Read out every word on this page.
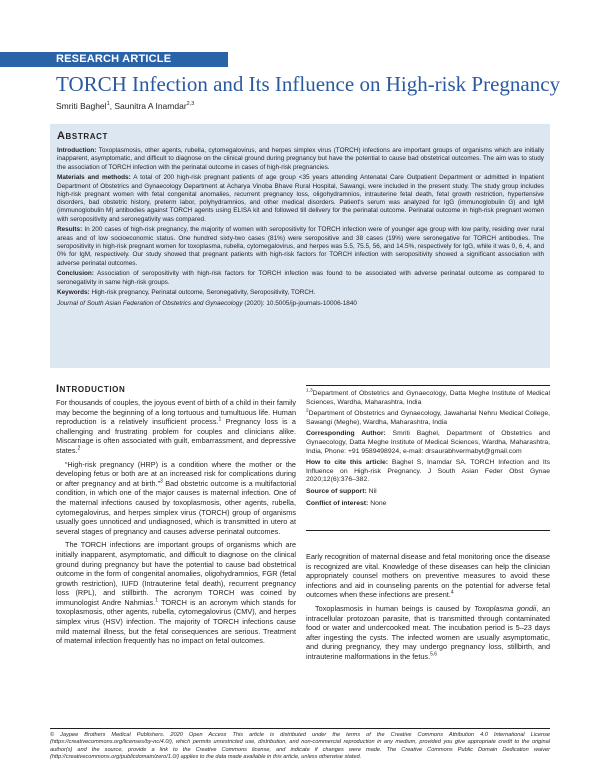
RESEARCH ARTICLE
TORCH Infection and Its Influence on High-risk Pregnancy
Smriti Baghel$^1$, Saunitra A Inamdar$^{2,3}$
Abstract

Introduction: Toxoplasmosis, other agents, rubella, cytomegalovirus, and herpes simplex virus (TORCH) infections are important groups of organisms which are initially inapparent, asymptomatic, and difficult to diagnose on the clinical ground during pregnancy but have the potential to cause bad obstetrical outcomes. The aim was to study the association of TORCH infection with the perinatal outcome in cases of high-risk pregnancies.

Materials and methods: A total of 200 high-risk pregnant patients of age group <35 years attending Antenatal Care Outpatient Department or admitted in Inpatient Department of Obstetrics and Gynaecology Department at Acharya Vinoba Bhave Rural Hospital, Sawangi, were included in the present study. The study group includes high-risk pregnant women with fetal congenital anomalies, recurrent pregnancy loss, oligohydramnios, intrauterine fetal death, fetal growth restriction, hypertensive disorders, bad obstetric history, preterm labor, polyhydramnios, and other medical disorders. Patient's serum was analyzed for IgG (immunoglobulin G) and IgM (immunoglobulin M) antibodies against TORCH agents using ELISA kit and followed till delivery for the perinatal outcome. Perinatal outcome in high-risk pregnant women with seropositivity and seronegativity was compared.

Results: In 200 cases of high-risk pregnancy, the majority of women with seropositivity for TORCH infection were of younger age group with low parity, residing over rural areas and of low socioeconomic status. One hundred sixty-two cases (81%) were seropositive and 38 cases (19%) were seronegative for TORCH antibodies. The seropositivity in high-risk pregnant women for toxoplasma, rubella, cytomegalovirus, and herpes was 5.5, 75.5, 56, and 14.5%, respectively for IgG, while it was 0, 6, 4, and 0% for IgM, respectively. Our study showed that pregnant patients with high-risk factors for TORCH infection with seropositivity showed a significant association with adverse perinatal outcomes.

Conclusion: Association of seropositivity with high-risk factors for TORCH infection was found to be associated with adverse perinatal outcome as compared to seronegativity in same high-risk groups.

Keywords: High-risk pregnancy, Perinatal outcome, Seronegativity, Seropositivity, TORCH.

Journal of South Asian Federation of Obstetrics and Gynaecology (2020): 10.5005/jp-journals-10006-1840

Introduction

For thousands of couples, the joyous event of birth of a child in their family may become the beginning of a long tortuous and tumultuous life. Human reproduction is a relatively insufficient process.$^1$ Pregnancy loss is a challenging and frustrating problem for couples and clinicians alike. Miscarriage is often associated with guilt, embarrassment, and depressive states.$^2$

“High-risk pregnancy (HRP) is a condition where the mother or the developing fetus or both are at an increased risk for complications during or after pregnancy and at birth.”$^3$ Bad obstetric outcome is a multifactorial condition, in which one of the major causes is maternal infection. One of the maternal infections caused by toxoplasmosis, other agents, rubella, cytomegalovirus, and herpes simplex virus (TORCH) group of organisms usually goes unnoticed and undiagnosed, which is transmitted in utero at several stages of pregnancy and causes adverse perinatal outcomes.

The TORCH infections are important groups of organisms which are initially inapparent, asymptomatic, and difficult to diagnose on the clinical ground during pregnancy but have the potential to cause bad obstetrical outcome in the form of congenital anomalies, oligohydramnios, FGR (fetal growth restriction), IUFD (Intrauterine fetal death), recurrent pregnancy loss (RPL), and stillbirth. The acronym TORCH was coined by immunologist Andre Nahmias.$^1$ TORCH is an acronym which stands for toxoplasmosis, other agents, rubella, cytomegalovirus (CMV), and herpes simplex virus (HSV) infection. The majority of TORCH infections cause mild maternal illness, but the fetal consequences are serious. Treatment of maternal infection frequently has no impact on fetal outcomes.

$^{1,3}$Department of Obstetrics and Gynaecology, Datta Meghe Institute of Medical Sciences, Wardha, Maharashtra, India

$^2$Department of Obstetrics and Gynaecology, Jawaharlal Nehru Medical College, Sawangi (Meghe), Wardha, Maharashtra, India

Corresponding Author: Smriti Baghel, Department of Obstetrics and Gynaecology, Datta Meghe Institute of Medical Sciences, Wardha, Maharashtra, India, Phone: +91 9589498924, e-mail: drsaurabhvermabyt@gmail.com

How to cite this article: Baghel S, Inamdar SA. TORCH Infection and Its Influence on High-risk Pregnancy. J South Asian Feder Obst Gynae 2020;12(6):376–382.

Source of support: Nil

Conflict of interest: None

Early recognition of maternal disease and fetal monitoring once the disease is recognized are vital. Knowledge of these diseases can help the clinician appropriately counsel mothers on preventive measures to avoid these infections and aid in counseling parents on the potential for adverse fetal outcomes when these infections are present.$^4$

Toxoplasmosis in human beings is caused by Toxoplasma gondii, an intracellular protozoan parasite, that is transmitted through contaminated food or water and undercooked meat. The incubation period is 5–23 days after ingesting the cysts. The infected women are usually asymptomatic, and during pregnancy, they may undergo pregnancy loss, stillbirth, and intrauterine malformations in the fetus.$^{5,6}$

© Jaypee Brothers Medical Publishers. 2020 Open Access This article is distributed under the terms of the Creative Commons Attribution 4.0 International License (https://creativecommons.org/licenses/by-nc/4.0/), which permits unrestricted use, distribution, and non-commercial reproduction in any medium, provided you give appropriate credit to the original author(s) and the source, provide a link to the Creative Commons license, and indicate if changes were made. The Creative Commons Public Domain Dedication waiver (http://creativecommons.org/publicdomain/zero/1.0/) applies to the data made available in this article, unless otherwise stated.
